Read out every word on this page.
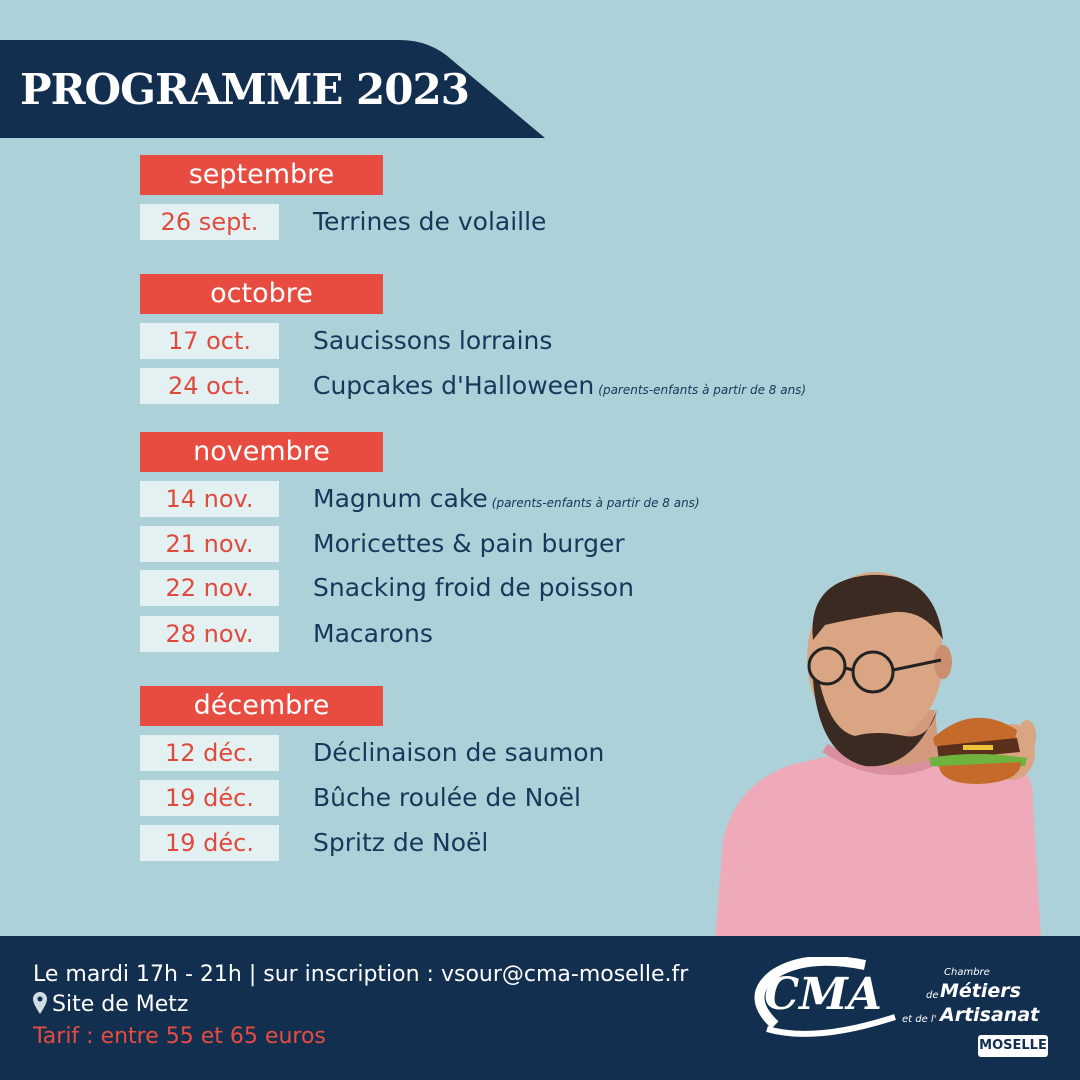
PROGRAMME 2023
septembre
26 sept.	Terrines de volaille
octobre
17 oct.	Saucissons lorrains
24 oct.	Cupcakes d'Halloween (parents-enfants à partir de 8 ans)
novembre
14 nov.	Magnum cake (parents-enfants à partir de 8 ans)
21 nov.	Moricettes & pain burger
22 nov.	Snacking froid de poisson
28 nov.	Macarons
décembre
12 déc.	Déclinaison de saumon
19 déc.	Bûche roulée de Noël
19 déc.	Spritz de Noël
Le mardi 17h - 21h | sur inscription : vsour@cma-moselle.fr
Site de Metz
Tarif : entre 55 et 65 euros
CMA	Chambre
de Métiers
et de l' Artisanat
MOSELLE
